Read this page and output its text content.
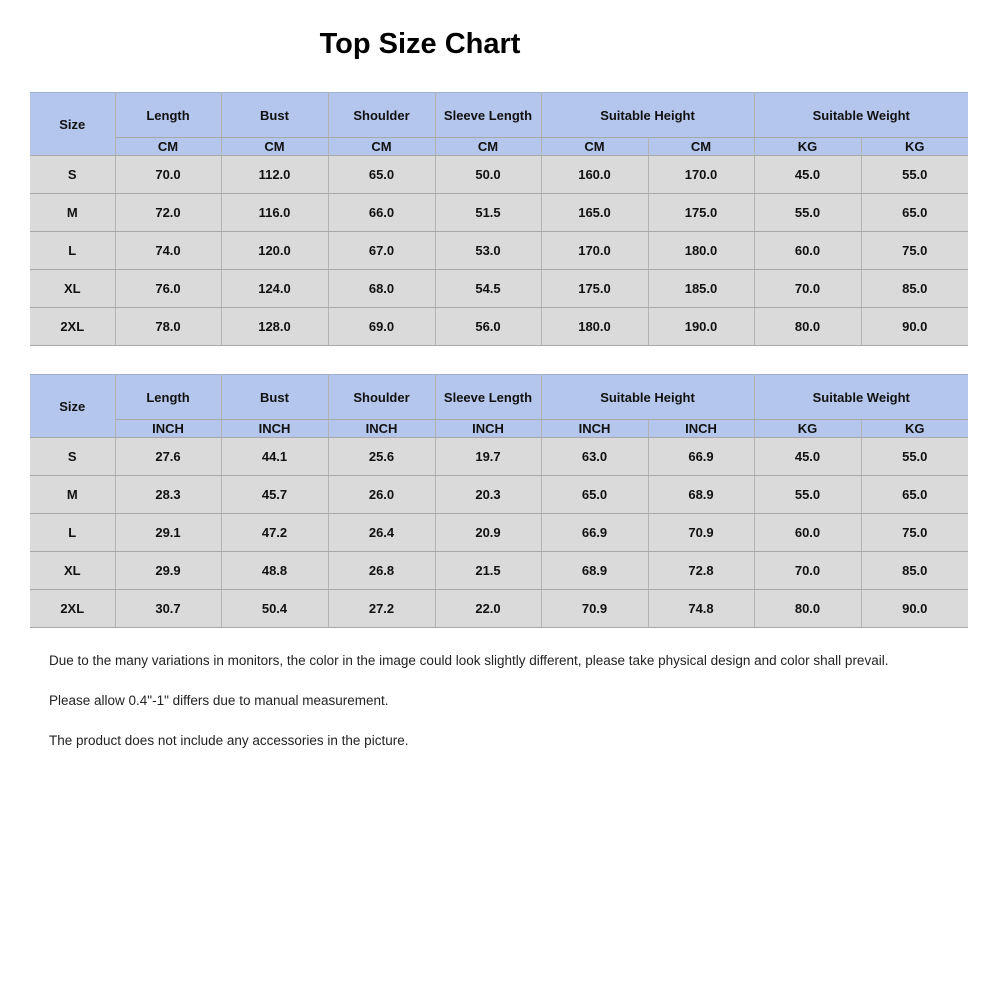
Top Size Chart
Size	Length	Bust	Shoulder	Sleeve Length	Suitable Height		Suitable Weight	
	CM	CM	CM	CM	CM	CM	KG	KG
S	70.0	112.0	65.0	50.0	160.0	170.0	45.0	55.0
M	72.0	116.0	66.0	51.5	165.0	175.0	55.0	65.0
L	74.0	120.0	67.0	53.0	170.0	180.0	60.0	75.0
XL	76.0	124.0	68.0	54.5	175.0	185.0	70.0	85.0
2XL	78.0	128.0	69.0	56.0	180.0	190.0	80.0	90.0
Size	Length	Bust	Shoulder	Sleeve Length	Suitable Height		Suitable Weight	
	INCH	INCH	INCH	INCH	INCH	INCH	KG	KG
S	27.6	44.1	25.6	19.7	63.0	66.9	45.0	55.0
M	28.3	45.7	26.0	20.3	65.0	68.9	55.0	65.0
L	29.1	47.2	26.4	20.9	66.9	70.9	60.0	75.0
XL	29.9	48.8	26.8	21.5	68.9	72.8	70.0	85.0
2XL	30.7	50.4	27.2	22.0	70.9	74.8	80.0	90.0

Due to the many variations in monitors, the color in the image could look slightly different, please take physical design and color shall prevail.

Please allow 0.4"-1" differs due to manual measurement.

The product does not include any accessories in the picture.
